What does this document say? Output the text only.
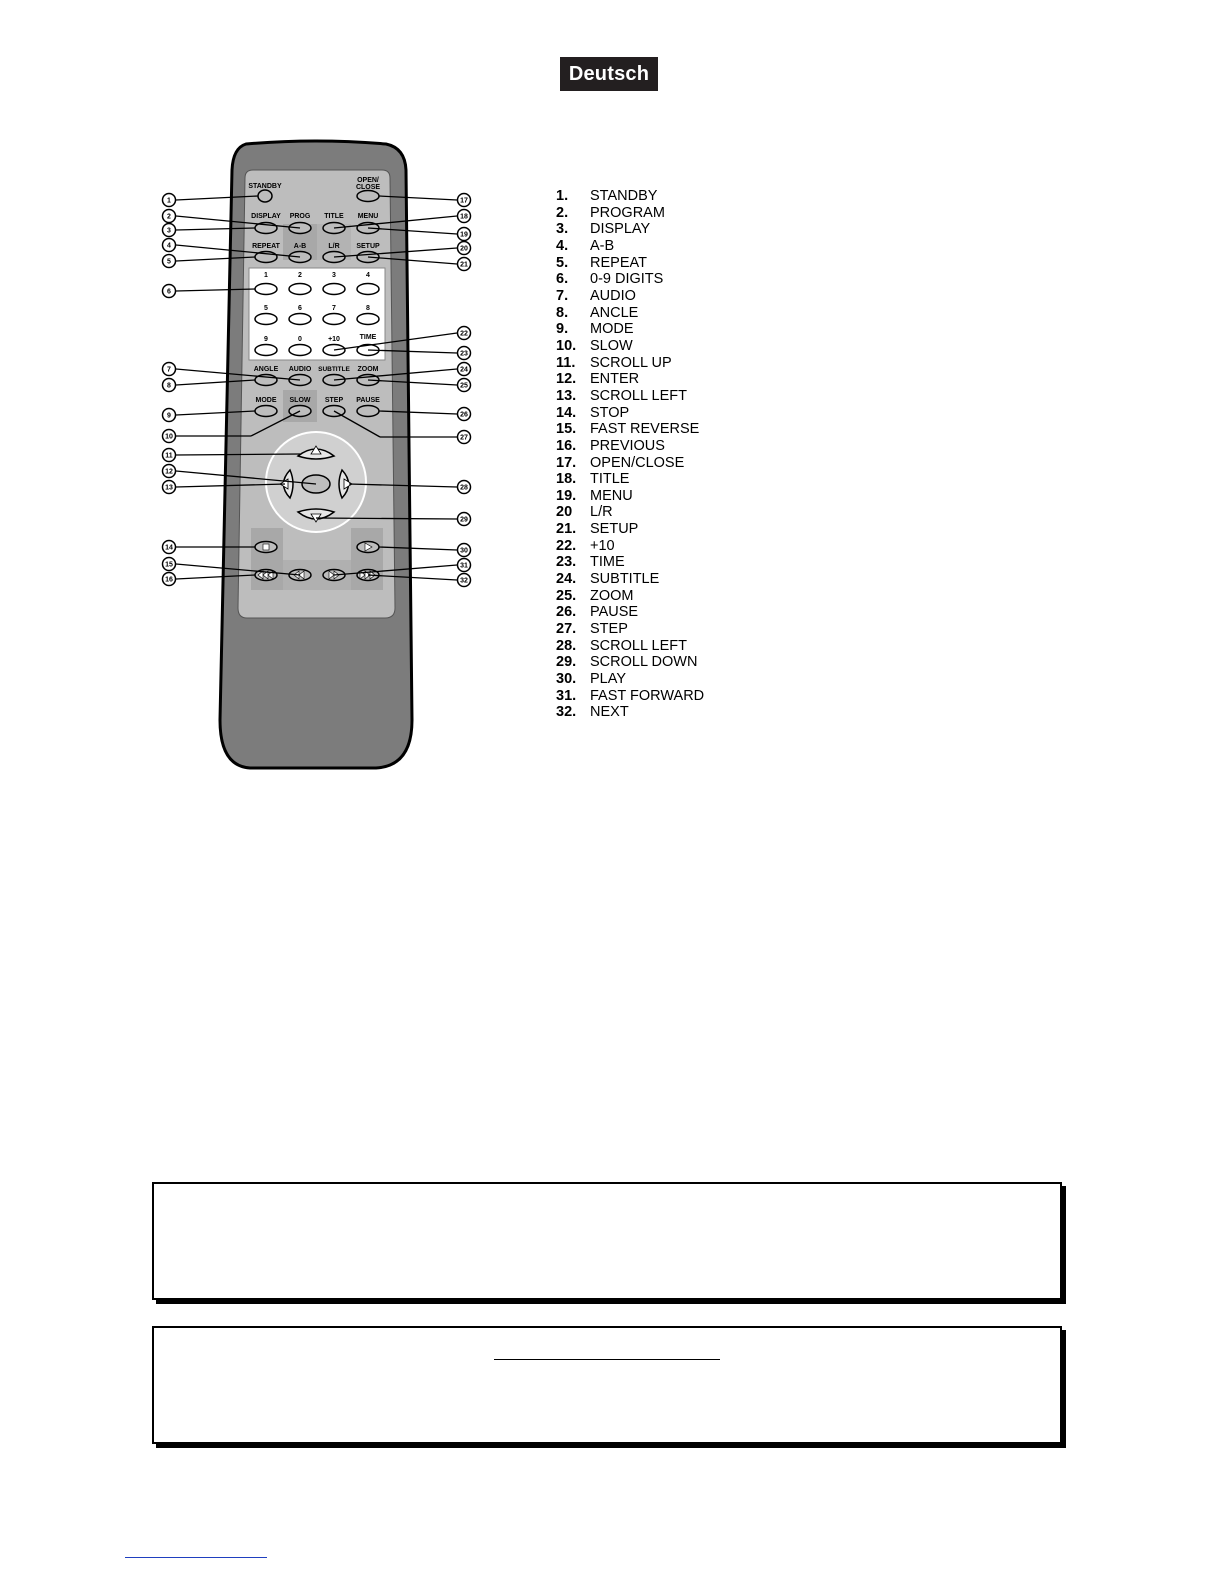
Deutsch
STANDBY
OPEN/
CLOSE
DISPLAY PROG TITLE MENU
REPEAT A-B	L/R SETUP
1	2	3	4
5	6	7	8
9	0	+10	TIME
ANGLE AUDIO SUBTITLE ZOOM
MODE SLOW STEP PAUSE
1
2
3
4
5
6
7
8
9
10
11
12
13
14
15
16
17
18
19
20
21
22
23
24
25
26
27
28
29
30
31
32
1. STANDBY
2. PROGRAM
3. DISPLAY
4. A-B
5. REPEAT
6. 0-9 DIGITS
7. AUDIO
8. ANCLE
9. MODE
10. SLOW
11. SCROLL UP
12. ENTER
13. SCROLL LEFT
14. STOP
15. FAST REVERSE
16. PREVIOUS
17. OPEN/CLOSE
18. TITLE
19. MENU
20 L/R
21. SETUP
22. +10
23. TIME
24. SUBTITLE
25. ZOOM
26. PAUSE
27. STEP
28. SCROLL LEFT
29. SCROLL DOWN
30. PLAY
31. FAST FORWARD
32. NEXT
